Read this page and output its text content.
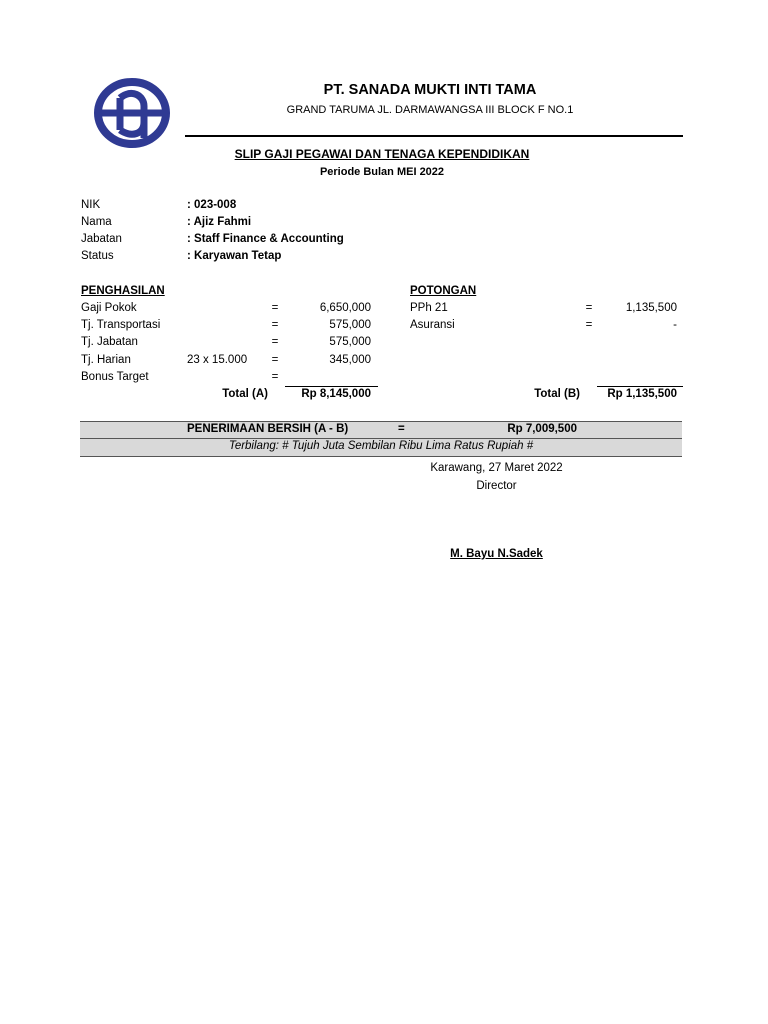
PT. SANADA MUKTI INTI TAMA
GRAND TARUMA JL. DARMAWANGSA III BLOCK F NO.1
SLIP GAJI PEGAWAI DAN TENAGA KEPENDIDIKAN
Periode Bulan MEI 2022
NIK	: 023-008
Nama	: Ajiz Fahmi
Jabatan	: Staff Finance & Accounting
Status	: Karyawan Tetap
PENGHASILAN
Gaji Pokok	=	6,650,000
Tj. Transportasi	=	575,000
Tj. Jabatan	=	575,000
Tj. Harian	23 x 15.000 =	345,000
Bonus Target	=
Total (A)	Rp 8,145,000
POTONGAN
PPh 21	=	1,135,500
Asuransi	=	-
Total (B)	Rp 1,135,500
PENERIMAAN BERSIH (A - B)	=	Rp 7,009,500
Terbilang: # Tujuh Juta Sembilan Ribu Lima Ratus Rupiah #
Karawang, 27 Maret 2022
Director
M. Bayu N.Sadek
